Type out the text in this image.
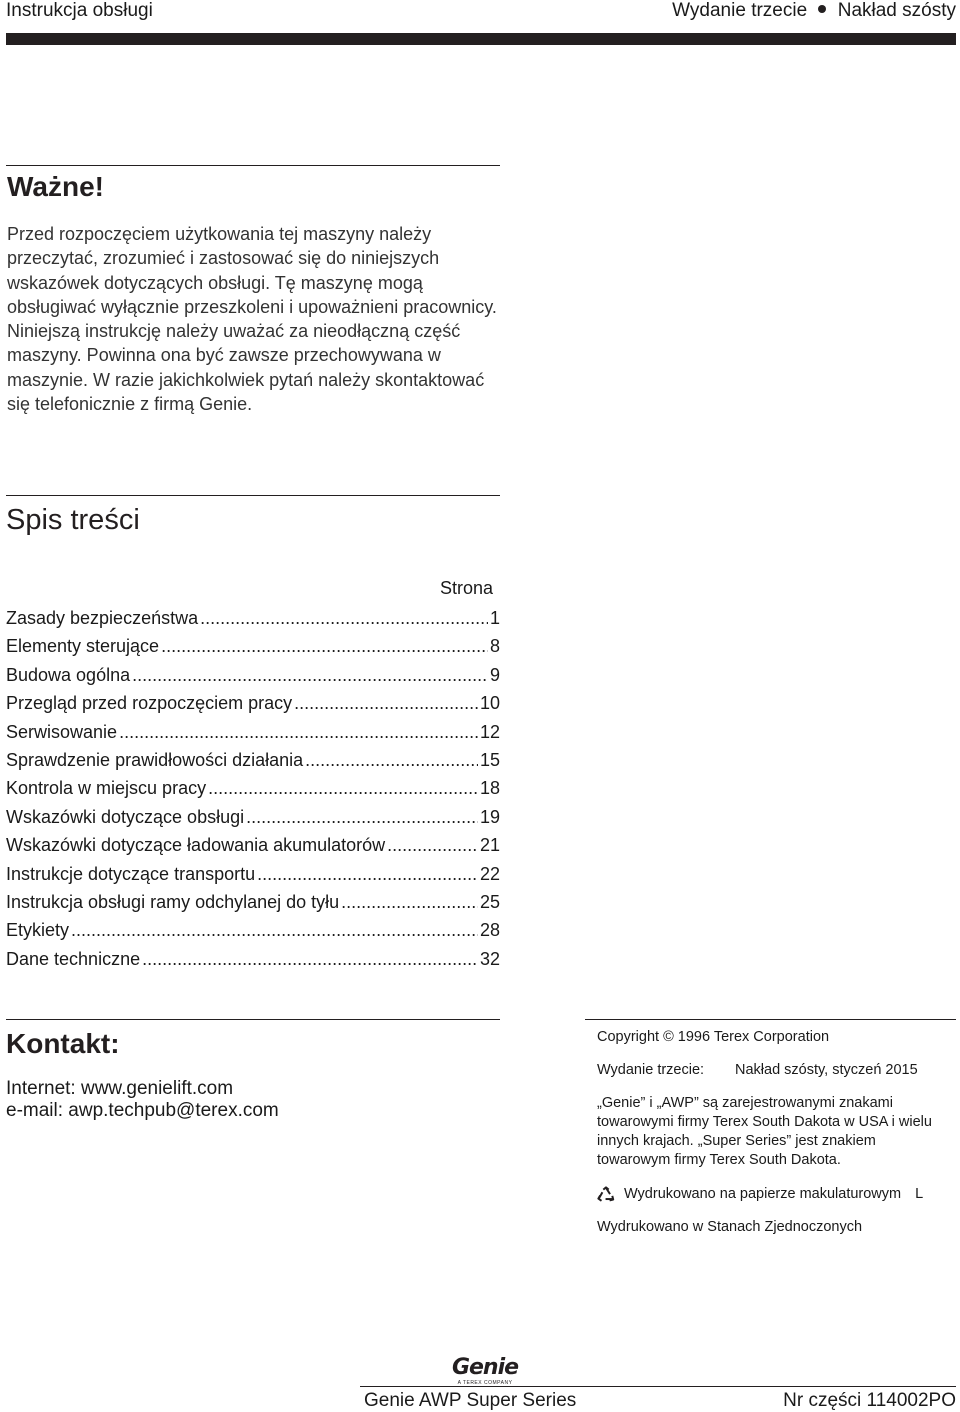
Instrukcja obsługi	Wydanie trzecie Nakład szósty
Ważne!
Przed rozpoczęciem użytkowania tej maszyny należy przeczytać, zrozumieć i zastosować się do niniejszych wskazówek dotyczących obsługi. Tę maszynę mogą obsługiwać wyłącznie przeszkoleni i upoważnieni pracownicy. Niniejszą instrukcję należy uważać za nieodłączną część maszyny. Powinna ona być zawsze przechowywana w maszynie. W razie jakichkolwiek pytań należy skontaktować się telefonicznie z firmą Genie.
Spis treści
Strona
Zasady bezpieczeństwa .....	1
Elementy sterujące .....	8
Budowa ogólna .....	9
Przegląd przed rozpoczęciem pracy .....	10
Serwisowanie .....	12
Sprawdzenie prawidłowości działania .....	15
Kontrola w miejscu pracy .....	18
Wskazówki dotyczące obsługi .....	19
Wskazówki dotyczące ładowania akumulatorów .....	21
Instrukcje dotyczące transportu .....	22
Instrukcja obsługi ramy odchylanej do tyłu .....	25
Etykiety .....	28
Dane techniczne .....	32
Kontakt:
Internet: www.genielift.com
e-mail: awp.techpub@terex.com
Copyright © 1996 Terex Corporation
Wydanie trzecie: Nakład szósty, styczeń 2015
„Genie” i „AWP” są zarejestrowanymi znakami towarowymi firmy Terex South Dakota w USA i wielu innych krajach. „Super Series” jest znakiem towarowym firmy Terex South Dakota.
Wydrukowano na papierze makulaturowym L
Wydrukowano w Stanach Zjednoczonych
Genie
A TEREX COMPANY
Genie AWP Super Series	Nr części 114002PO
